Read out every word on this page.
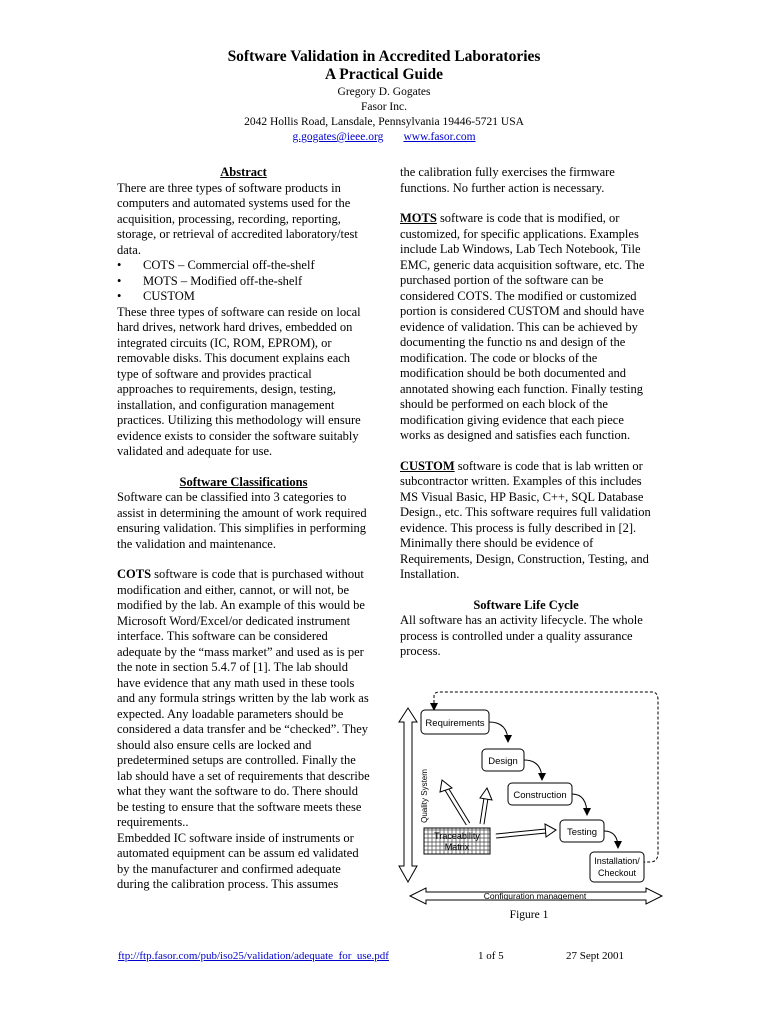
Software Validation in Accredited Laboratories
A Practical Guide
Gregory D. Gogates
Fasor Inc.
2042 Hollis Road, Lansdale, Pennsylvania 19446-5721 USA
g.gogates@ieee.org www.fasor.com
Abstract
There are three types of software products in computers and automated systems used for the acquisition, processing, recording, reporting, storage, or retrieval of accredited laboratory/test data.
• COTS – Commercial off-the-shelf
• MOTS – Modified off-the-shelf
• CUSTOM
These three types of software can reside on local hard drives, network hard drives, embedded on integrated circuits (IC, ROM, EPROM), or removable disks. This document explains each type of software and provides practical approaches to requirements, design, testing, installation, and configuration management practices. Utilizing this methodology will ensure evidence exists to consider the software suitably validated and adequate for use.
Software Classifications
Software can be classified into 3 categories to assist in determining the amount of work required ensuring validation. This simplifies in performing the validation and maintenance.
COTS software is code that is purchased without modification and either, cannot, or will not, be modified by the lab. An example of this would be Microsoft Word/Excel/or dedicated instrument interface. This software can be considered adequate by the “mass market” and used as is per the note in section 5.4.7 of [1]. The lab should have evidence that any math used in these tools and any formula strings written by the lab work as expected. Any loadable parameters should be considered a data transfer and be “checked”. They should also ensure cells are locked and predetermined setups are controlled. Finally the lab should have a set of requirements that describe what they want the software to do. There should be testing to ensure that the software meets these requirements..
Embedded IC software inside of instruments or automated equipment can be assum ed validated by the manufacturer and confirmed adequate during the calibration process. This assumes
the calibration fully exercises the firmware functions. No further action is necessary.
MOTS software is code that is modified, or customized, for specific applications. Examples include Lab Windows, Lab Tech Notebook, Tile EMC, generic data acquisition software, etc. The purchased portion of the software can be considered COTS. The modified or customized portion is considered CUSTOM and should have evidence of validation. This can be achieved by documenting the functio ns and design of the modification. The code or blocks of the modification should be both documented and annotated showing each function. Finally testing should be performed on each block of the modification giving evidence that each piece works as designed and satisfies each function.
CUSTOM software is code that is lab written or subcontractor written. Examples of this includes MS Visual Basic, HP Basic, C++, SQL Database Design., etc. This software requires full validation evidence. This process is fully described in [2]. Minimally there should be evidence of Requirements, Design, Construction, Testing, and Installation.
Software Life Cycle
All software has an activity lifecycle. The whole process is controlled under a quality assurance process.
Quality System
Requirements
Design
Construction
Testing
Installation/
Checkout
Traceability
Matrix
Configuration management
Figure 1
ftp://ftp.fasor.com/pub/iso25/validation/adequate_for_use.pdf	1 of 5	27 Sept 2001
